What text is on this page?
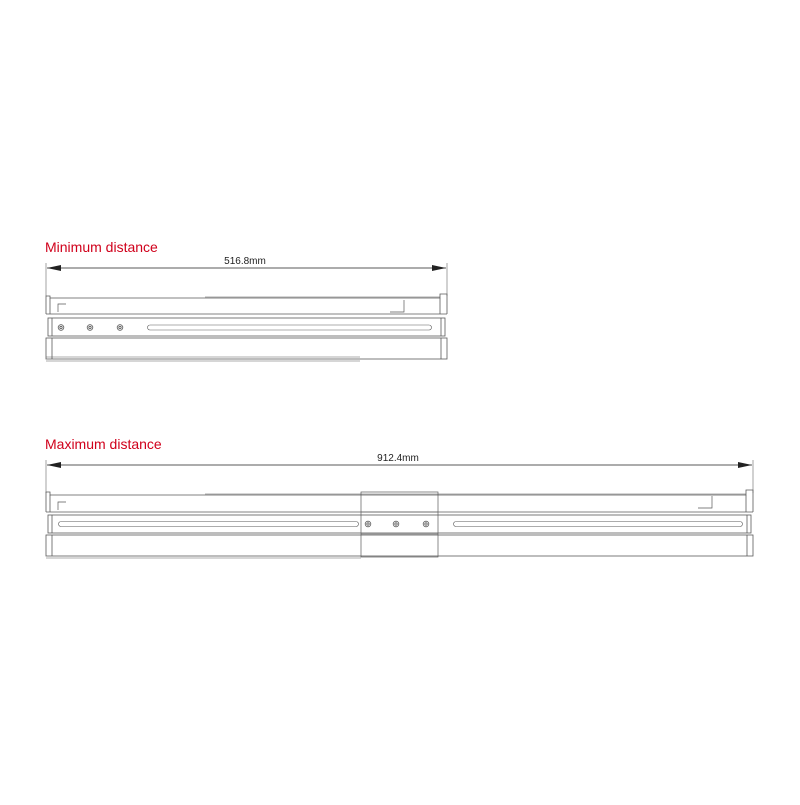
Minimum distance
Maximum distance
516.8mm
912.4mm
